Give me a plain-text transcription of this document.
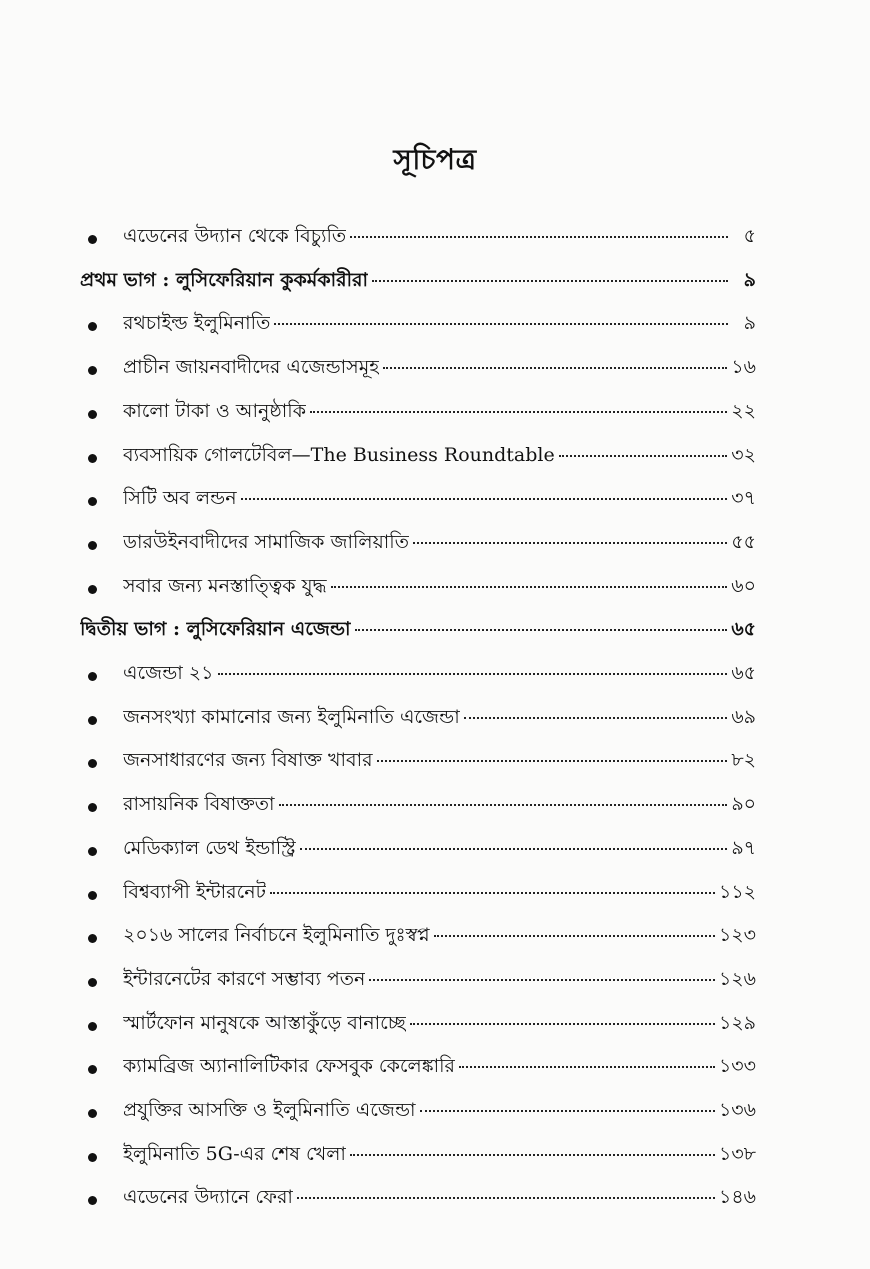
সূচিপত্র
এডেনের উদ্যান থেকে বিচ্যুতি	৫
প্রথম ভাগ : লুসিফেরিয়ান কুকর্মকারীরা	৯
রথচাইল্ড ইলুমিনাতি	৯
প্রাচীন জায়নবাদীদের এজেন্ডাসমূহ	১৬
কালো টাকা ও আনুষ্ঠাকি	২২
ব্যবসায়িক গোলটেবিল—The Business Roundtable	৩২
সিটি অব লন্ডন	৩৭
ডারউইনবাদীদের সামাজিক জালিয়াতি	৫৫
সবার জন্য মনস্তাত্ত্বিক যুদ্ধ	৬০
দ্বিতীয় ভাগ : লুসিফেরিয়ান এজেন্ডা	৬৫
এজেন্ডা ২১	৬৫
জনসংখ্যা কামানোর জন্য ইলুমিনাতি এজেন্ডা	৬৯
জনসাধারণের জন্য বিষাক্ত খাবার	৮২
রাসায়নিক বিষাক্ততা	৯০
মেডিক্যাল ডেথ ইন্ডাস্ট্রি	৯৭
বিশ্বব্যাপী ইন্টারনেট	১১২
২০১৬ সালের নির্বাচনে ইলুমিনাতি দুঃস্বপ্ন	১২৩
ইন্টারনেটের কারণে সম্ভাব্য পতন	১২৬
স্মার্টফোন মানুষকে আস্তাকুঁড়ে বানাচ্ছে	১২৯
ক্যামব্রিজ অ্যানালিটিকার ফেসবুক কেলেঙ্কারি	১৩৩
প্রযুক্তির আসক্তি ও ইলুমিনাতি এজেন্ডা	১৩৬
ইলুমিনাতি 5G-এর শেষ খেলা	১৩৮
এডেনের উদ্যানে ফেরা	১৪৬
